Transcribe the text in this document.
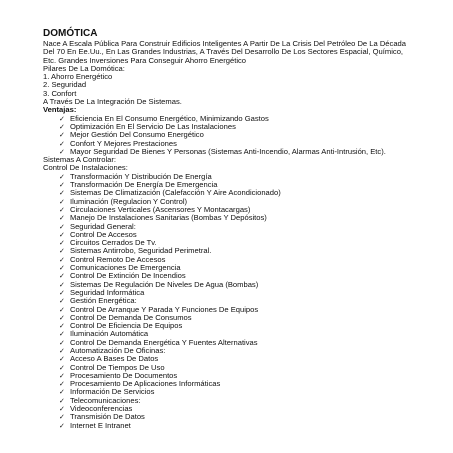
DOMÓTICA
Nace A Escala Pública Para Construir Edificios Inteligentes A Partir De La Crisis Del Petróleo De La Década Del 70 En Ee.Uu., En Las Grandes Industrias, A Través Del Desarrollo De Los Sectores Espacial, Químico, Etc. Grandes Inversiones Para Conseguir Ahorro Energético
Pilares De La Domótica:
1. Ahorro Energético
2. Seguridad
3. Confort
A Través De La Integración De Sistemas.
Ventajas:
✓ Eficiencia En El Consumo Energético, Minimizando Gastos
✓ Optimización En El Servicio De Las Instalaciones
✓ Mejor Gestión Del Consumo Energético
✓ Confort Y Mejores Prestaciones
✓ Mayor Seguridad De Bienes Y Personas (Sistemas Anti-Incendio, Alarmas Anti-Intrusión, Etc).
Sistemas A Controlar:
Control De Instalaciones:
✓ Transformación Y Distribución De Energía
✓ Transformación De Energía De Emergencia
✓ Sistemas De Climatización (Calefacción Y Aire Acondicionado)
✓ Iluminación (Regulacion Y Control)
✓ Circulaciones Verticales (Ascensores Y Montacargas)
✓ Manejo De Instalaciones Sanitarias (Bombas Y Depósitos)
✓ Seguridad General:
✓ Control De Accesos
✓ Circuitos Cerrados De Tv.
✓ Sistemas Antirrobo, Seguridad Perimetral.
✓ Control Remoto De Accesos
✓ Comunicaciones De Emergencia
✓ Control De Extinción De Incendios
✓ Sistemas De Regulación De Niveles De Agua (Bombas)
✓ Seguridad Informática
✓ Gestión Energética:
✓ Control De Arranque Y Parada Y Funciones De Equipos
✓ Control De Demanda De Consumos
✓ Control De Eficiencia De Equipos
✓ Iluminación Automática
✓ Control De Demanda Energética Y Fuentes Alternativas
✓ Automatización De Oficinas:
✓ Acceso A Bases De Datos
✓ Control De Tiempos De Uso
✓ Procesamiento De Documentos
✓ Procesamiento De Aplicaciones Informáticas
✓ Información De Servicios
✓ Telecomunicaciones:
✓ Videoconferencias
✓ Transmisión De Datos
✓ Internet E Intranet
